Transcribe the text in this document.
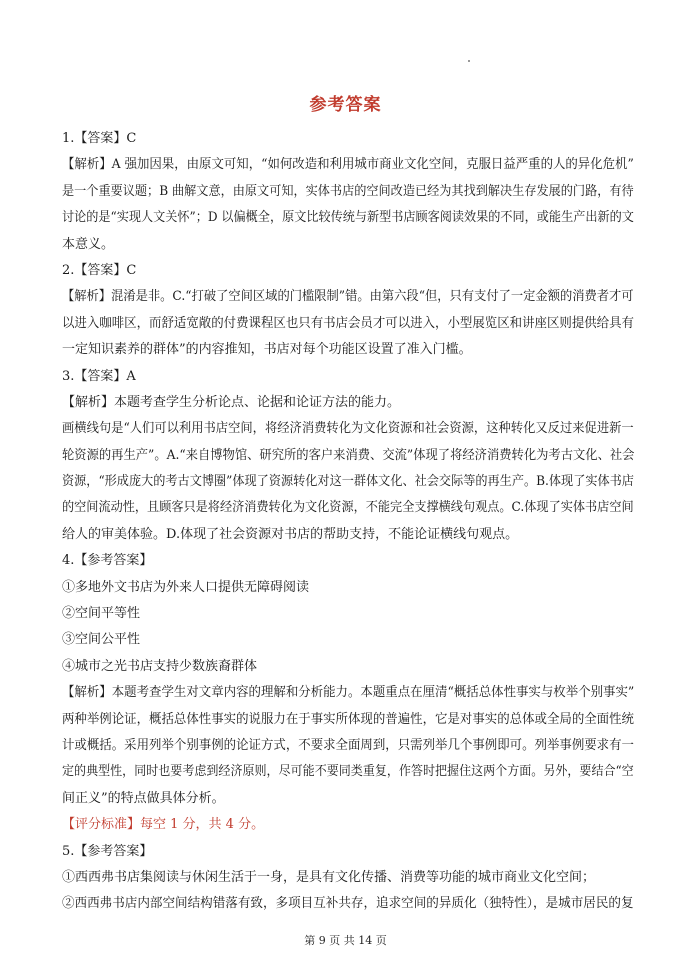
参考答案
1.【答案】C
【解析】A 强加因果，由原文可知，“如何改造和利用城市商业文化空间，克服日益严重的人的异化危机”
是一个重要议题；B 曲解文意，由原文可知，实体书店的空间改造已经为其找到解决生存发展的门路，有待
讨论的是“实现人文关怀”；D 以偏概全，原文比较传统与新型书店顾客阅读效果的不同，或能生产出新的文
本意义。
2.【答案】C
【解析】混淆是非。C.“打破了空间区域的门槛限制”错。由第六段“但，只有支付了一定金额的消费者才可
以进入咖啡区，而舒适宽敞的付费课程区也只有书店会员才可以进入，小型展览区和讲座区则提供给具有
一定知识素养的群体”的内容推知，书店对每个功能区设置了准入门槛。
3.【答案】A
【解析】本题考查学生分析论点、论据和论证方法的能力。
画横线句是“人们可以利用书店空间，将经济消费转化为文化资源和社会资源，这种转化又反过来促进新一
轮资源的再生产”。A.“来自博物馆、研究所的客户来消费、交流”体现了将经济消费转化为考古文化、社会
资源，“形成庞大的考古文博圈”体现了资源转化对这一群体文化、社会交际等的再生产。B.体现了实体书店
的空间流动性，且顾客只是将经济消费转化为文化资源，不能完全支撑横线句观点。C.体现了实体书店空间
给人的审美体验。D.体现了社会资源对书店的帮助支持，不能论证横线句观点。
4.【参考答案】
①多地外文书店为外来人口提供无障碍阅读
②空间平等性
③空间公平性
④城市之光书店支持少数族裔群体
【解析】本题考查学生对文章内容的理解和分析能力。本题重点在厘清“概括总体性事实与枚举个别事实”
两种举例论证，概括总体性事实的说服力在于事实所体现的普遍性，它是对事实的总体或全局的全面性统
计或概括。采用列举个别事例的论证方式，不要求全面周到，只需列举几个事例即可。列举事例要求有一
定的典型性，同时也要考虑到经济原则，尽可能不要同类重复，作答时把握住这两个方面。另外，要结合“空
间正义”的特点做具体分析。
【评分标准】每空 1 分，共 4 分。
5.【参考答案】
①西西弗书店集阅读与休闲生活于一身，是具有文化传播、消费等功能的城市商业文化空间；
②西西弗书店内部空间结构错落有致，多项目互补共存，追求空间的异质化（独特性），是城市居民的复
第 9 页 共 14 页
